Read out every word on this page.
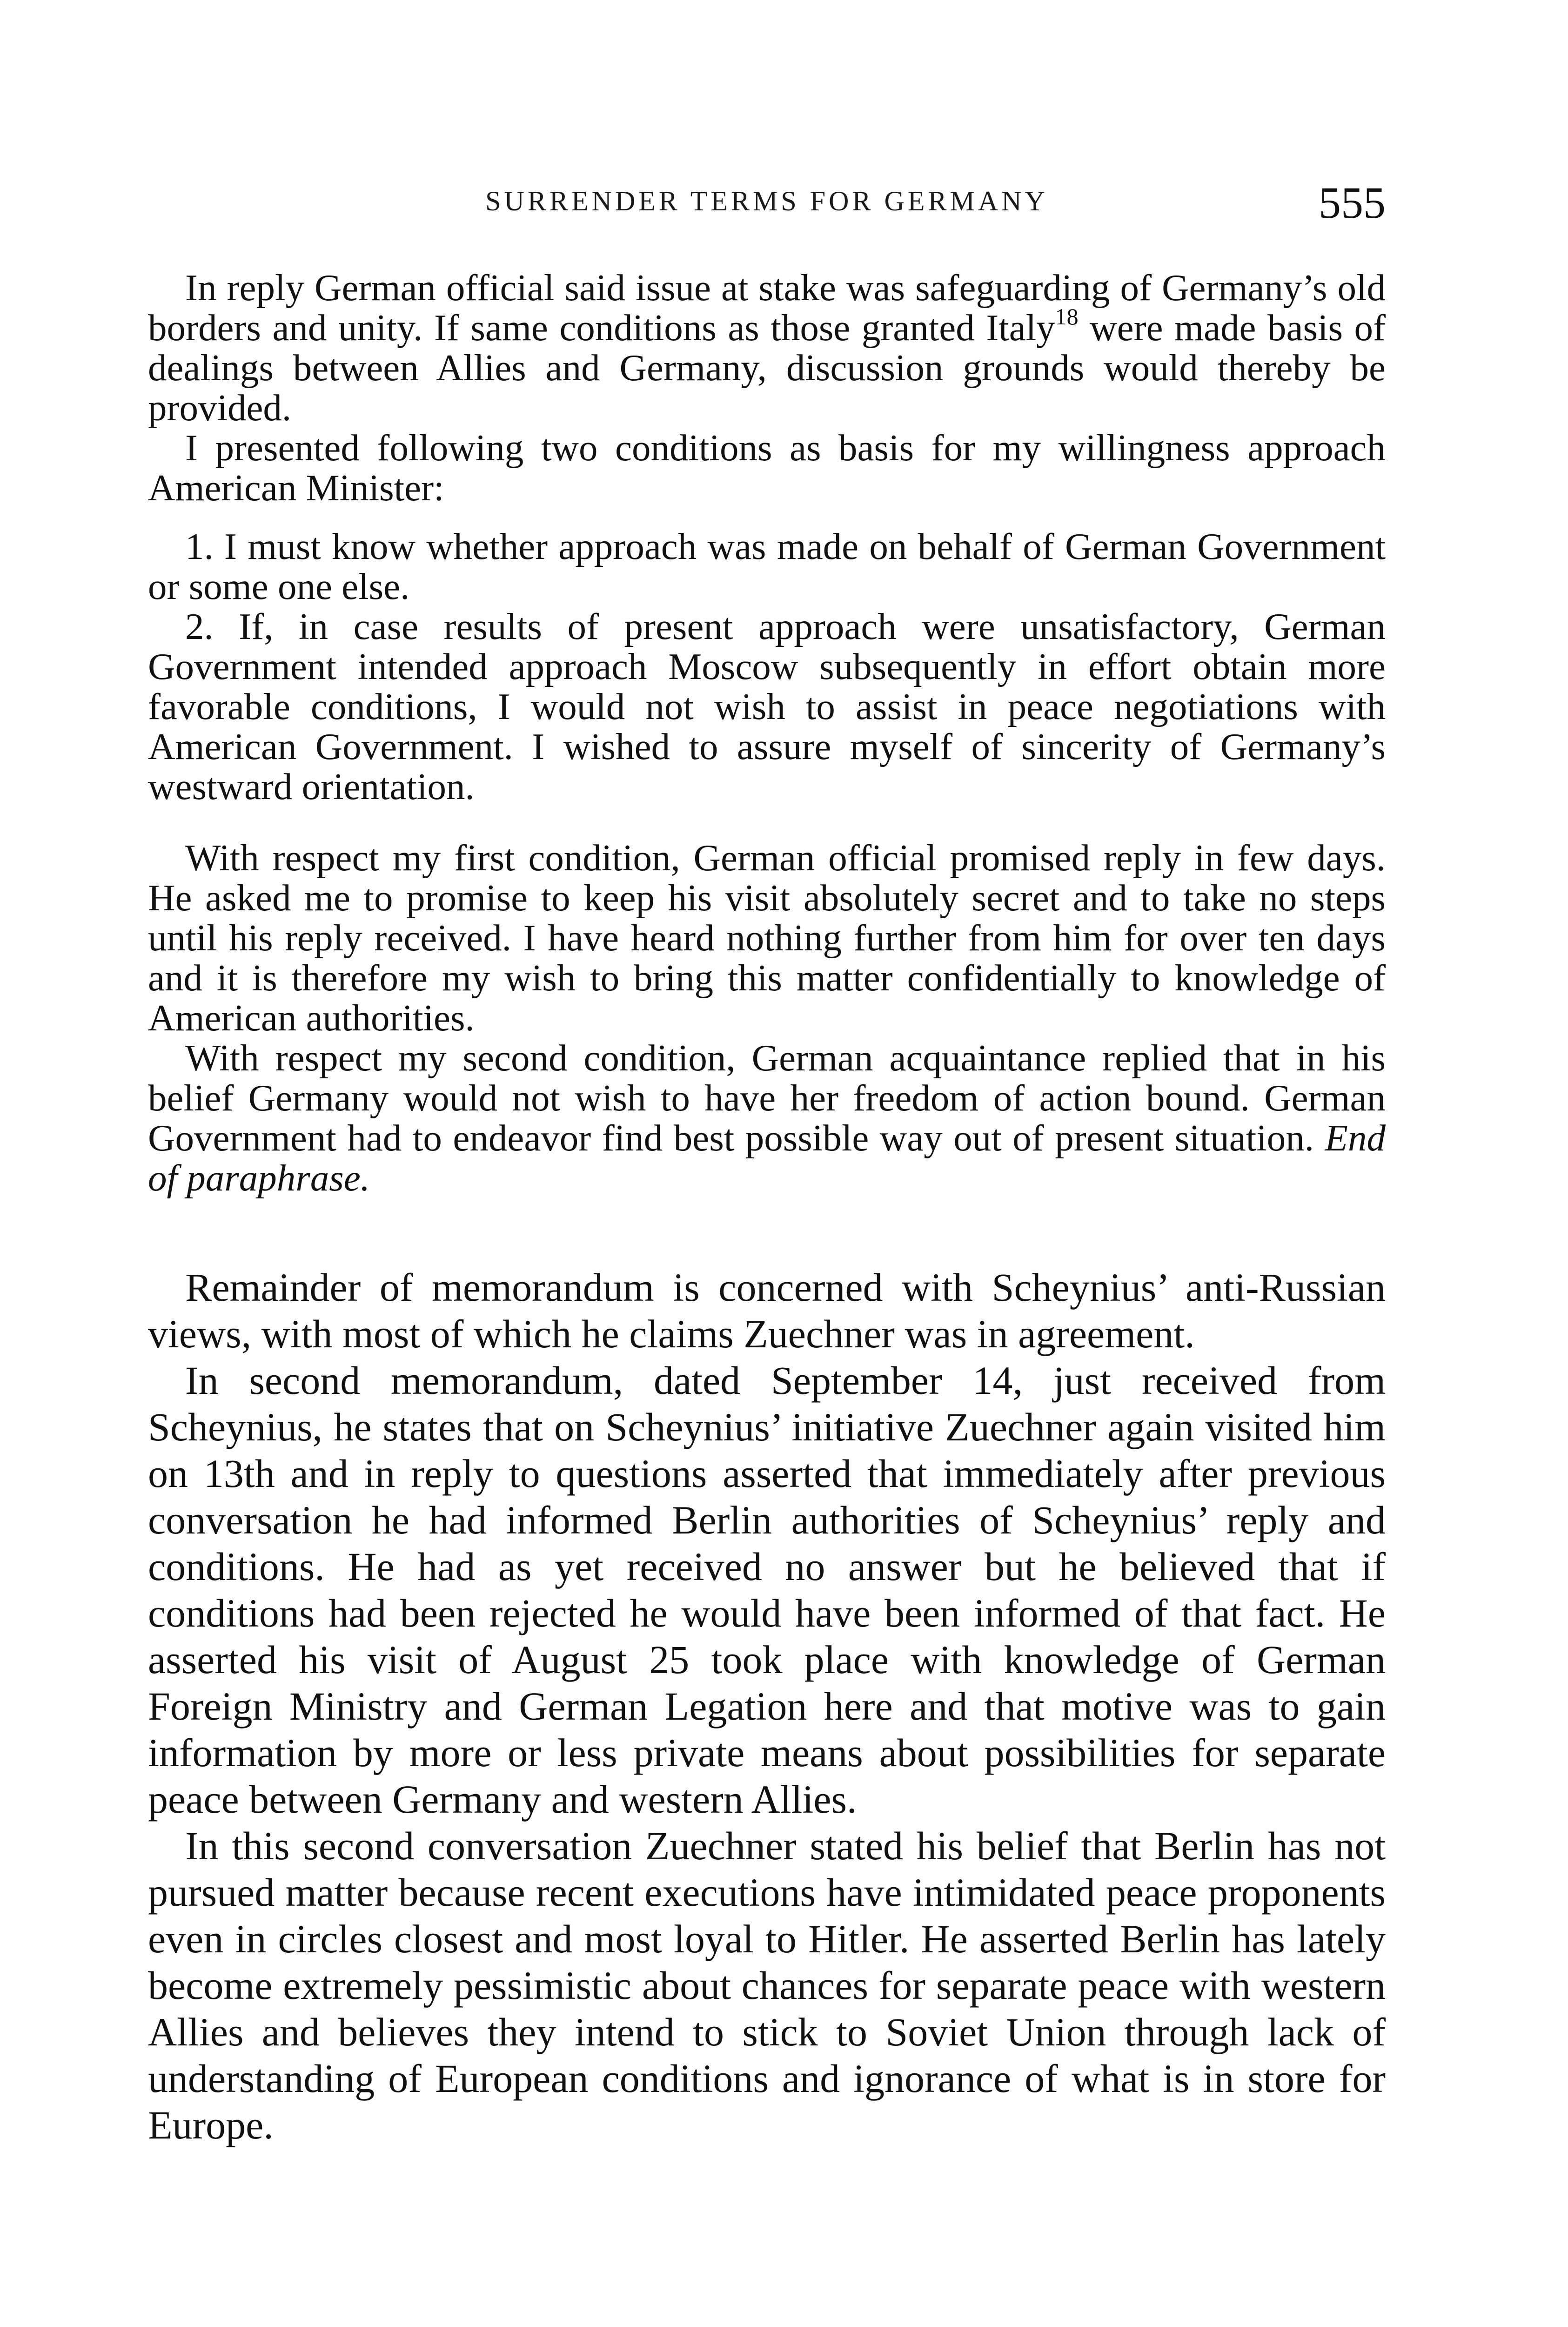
SURRENDER TERMS FOR GERMANY	555

In reply German official said issue at stake was safeguarding of Germany’s old borders and unity. If same conditions as those granted Italy$^{18}$ were made basis of dealings between Allies and Germany, discussion grounds would thereby be provided.

I presented following two conditions as basis for my willingness approach American Minister:

1. I must know whether approach was made on behalf of German Government or some one else.

2. If, in case results of present approach were unsatisfactory, German Government intended approach Moscow subsequently in effort obtain more favorable conditions, I would not wish to assist in peace negotiations with American Government. I wished to assure myself of sincerity of Germany’s westward orientation.

With respect my first condition, German official promised reply in few days. He asked me to promise to keep his visit absolutely secret and to take no steps until his reply received. I have heard nothing further from him for over ten days and it is therefore my wish to bring this matter confidentially to knowledge of American authorities.

With respect my second condition, German acquaintance replied that in his belief Germany would not wish to have her freedom of action bound. German Government had to endeavor find best possible way out of present situation. End of paraphrase.

Remainder of memorandum is concerned with Scheynius’ anti-Russian views, with most of which he claims Zuechner was in agreement.

In second memorandum, dated September 14, just received from Scheynius, he states that on Scheynius’ initiative Zuechner again visited him on 13th and in reply to questions asserted that immediately after previous conversation he had informed Berlin authorities of Scheynius’ reply and conditions. He had as yet received no answer but he believed that if conditions had been rejected he would have been informed of that fact. He asserted his visit of August 25 took place with knowledge of German Foreign Ministry and German Legation here and that motive was to gain information by more or less private means about possibilities for separate peace between Germany and western Allies.

In this second conversation Zuechner stated his belief that Berlin has not pursued matter because recent executions have intimidated peace proponents even in circles closest and most loyal to Hitler. He asserted Berlin has lately become extremely pessimistic about chances for separate peace with western Allies and believes they intend to stick to Soviet Union through lack of understanding of European conditions and ignorance of what is in store for Europe.
